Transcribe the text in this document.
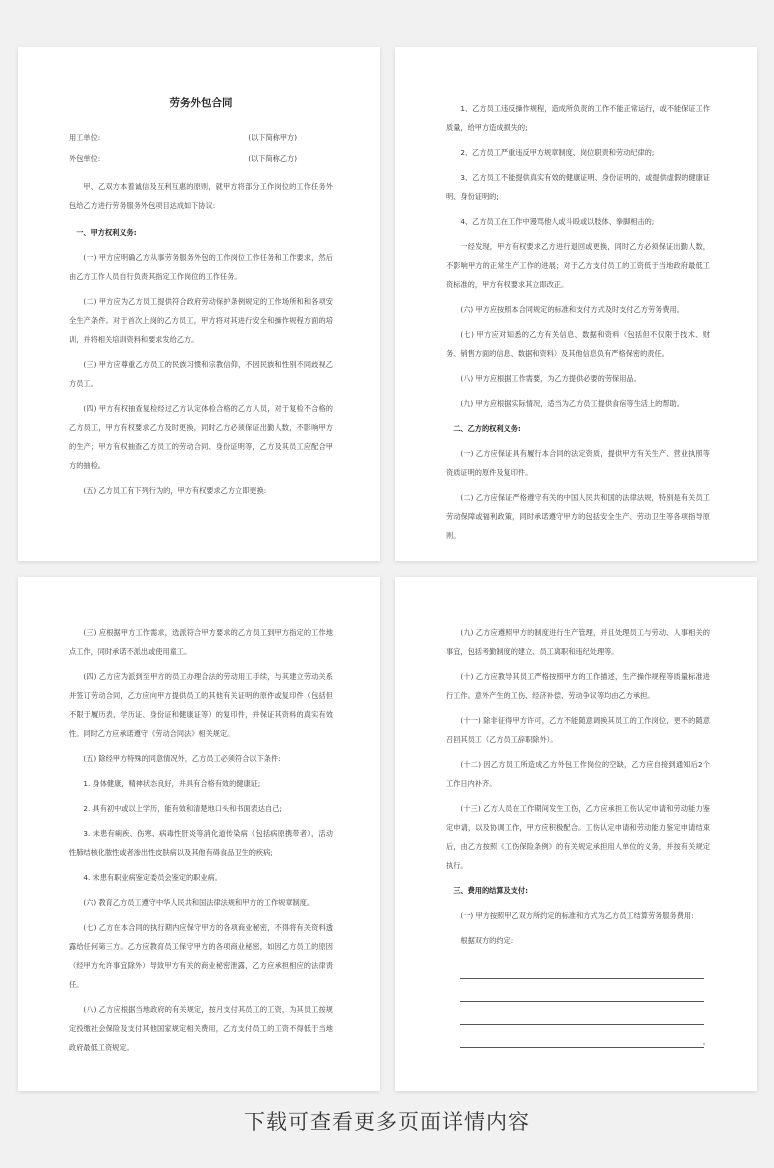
劳务外包合同
用工单位:	(以下简称甲方)
外包单位:	(以下简称乙方)

甲、乙双方本着诚信及互利互惠的原则，就甲方将部分工作岗位的工作任务外包给乙方进行劳务服务外包项目达成如下协议:

一、甲方权利义务:

(一) 甲方应明确乙方从事劳务服务外包的工作岗位工作任务和工作要求，然后由乙方工作人员自行负责其指定工作岗位的工作任务。

(二) 甲方应为乙方员工提供符合政府劳动保护条例规定的工作场所和和各项安全生产条件。对于首次上岗的乙方员工，甲方将对其进行安全和操作规程方面的培训，并将相关培训资料和要求发给乙方。

(三) 甲方应尊重乙方员工的民族习惯和宗教信仰，不因民族和性别不同歧视乙方员工。

(四) 甲方有权抽查复检经过乙方认定体检合格的乙方人员，对于复检不合格的乙方员工，甲方有权要求乙方及时更换，同时乙方必须保证出勤人数，不影响甲方的生产；甲方有权抽查乙方员工的劳动合同、身份证明等，乙方及其员工应配合甲方的抽检。

(五) 乙方员工有下列行为的，甲方有权要求乙方立即更换:

1、乙方员工违反操作规程，造成所负责的工作不能正常运行，或不能保证工作质量，给甲方造成损失的;

2、乙方员工严重违反甲方规章制度、岗位职责和劳动纪律的;

3、乙方员工不能提供真实有效的健康证明、身份证明的，或提供虚假的健康证明、身份证明的;

4、乙方员工在工作中谩骂他人或斗殴或以肢体、拳脚相击的;

一经发现，甲方有权要求乙方进行退回或更换，同时乙方必须保证出勤人数，不影响甲方的正常生产工作的进展；对于乙方支付员工的工资低于当地政府最低工资标准的，甲方有权要求其立即改正。

(六) 甲方应按照本合同规定的标准和支付方式及时支付乙方劳务费用。

(七) 甲方应对知悉的乙方有关信息、数据和资料（包括但不仅限于技术、财务、销售方面的信息、数据和资料）及其他信息负有严格保密的责任。

(八) 甲方应根据工作需要，为乙方提供必要的劳保用品。

(九) 甲方应根据实际情况，适当为乙方员工提供食宿等生活上的帮助。

二、乙方的权利义务:

(一) 乙方应保证具有履行本合同的法定资质，提供甲方有关生产、营业执照等资质证明的原件及复印件。

(二) 乙方应保证严格遵守有关的中国人民共和国的法律法规，特别是有关员工劳动保障或福利政策，同时承诺遵守甲方的包括安全生产、劳动卫生等各项指导原则。

(三) 应根据甲方工作需求，选派符合甲方要求的乙方员工到甲方指定的工作地点工作，同时承诺不派出或使用童工。

(四) 乙方应为派到至甲方的员工办理合法的劳动用工手续，与其建立劳动关系并签订劳动合同，乙方应向甲方提供员工的其他有关证明的原件或复印件（包括但不限于履历表、学历证、身份证和健康证等）的复印件，并保证其资料的真实有效性。同时乙方应承诺遵守《劳动合同法》相关规定。

(五) 除经甲方特殊的同意情况外，乙方员工必须符合以下条件:

1. 身体健康，精神状态良好，并具有合格有效的健康证;

2. 具有初中或以上学历，能有效和清楚地口头和书面表达自己;

3. 未患有痢疾、伤寒、病毒性肝炎等消化道传染病（包括病原携带者），活动性肺结核化脓性或者渗出性皮肤病以及其他有碍食品卫生的疾病;

4. 未患有职业病鉴定委员会鉴定的职业病。

(六) 教育乙方员工遵守中华人民共和国法律法规和甲方的工作规章制度。

(七) 乙方在本合同的执行期内应保守甲方的各项商业秘密，不得将有关资料透露给任何第三方。乙方应教育员工保守甲方的各项商业秘密，如因乙方员工的原因（经甲方允许事宜除外）导致甲方有关的商业秘密泄露，乙方应承担相应的法律责任。

(八) 乙方应根据当地政府的有关规定，按月支付其员工的工资，为其员工按规定投缴社会保险及支付其他国家规定相关费用，乙方支付员工的工资不得低于当地政府最低工资规定。

(九) 乙方应遵照甲方的制度进行生产管理，并且处理员工与劳动、人事相关的事宜，包括考勤制度的建立、员工离职和违纪处理等。

(十) 乙方应教导其员工严格按照甲方的工作描述，生产操作规程等质量标准进行工作。意外产生的工伤、经济补偿、劳动争议等均由乙方承担。

(十一) 除非征得甲方许可，乙方不能随意调换其员工的工作岗位，更不的随意召回其员工（乙方员工辞职除外）。

(十二) 因乙方员工所造成乙方外包工作岗位的空缺，乙方应自接到通知后2个工作日内补齐。

(十三) 乙方人员在工作期间发生工伤，乙方应承担工伤认定申请和劳动能力鉴定申请，以及协调工作，甲方应积极配合。工伤认定申请和劳动能力鉴定申请结束后，由乙方按照《工伤保险条例》的有关规定承担用人单位的义务，并按有关规定执行。

三、费用的结算及支付:

(一) 甲方按照甲乙双方所约定的标准和方式为乙方员工结算劳务服务费用:

根据双方的约定:

。
下载可查看更多页面详情内容
